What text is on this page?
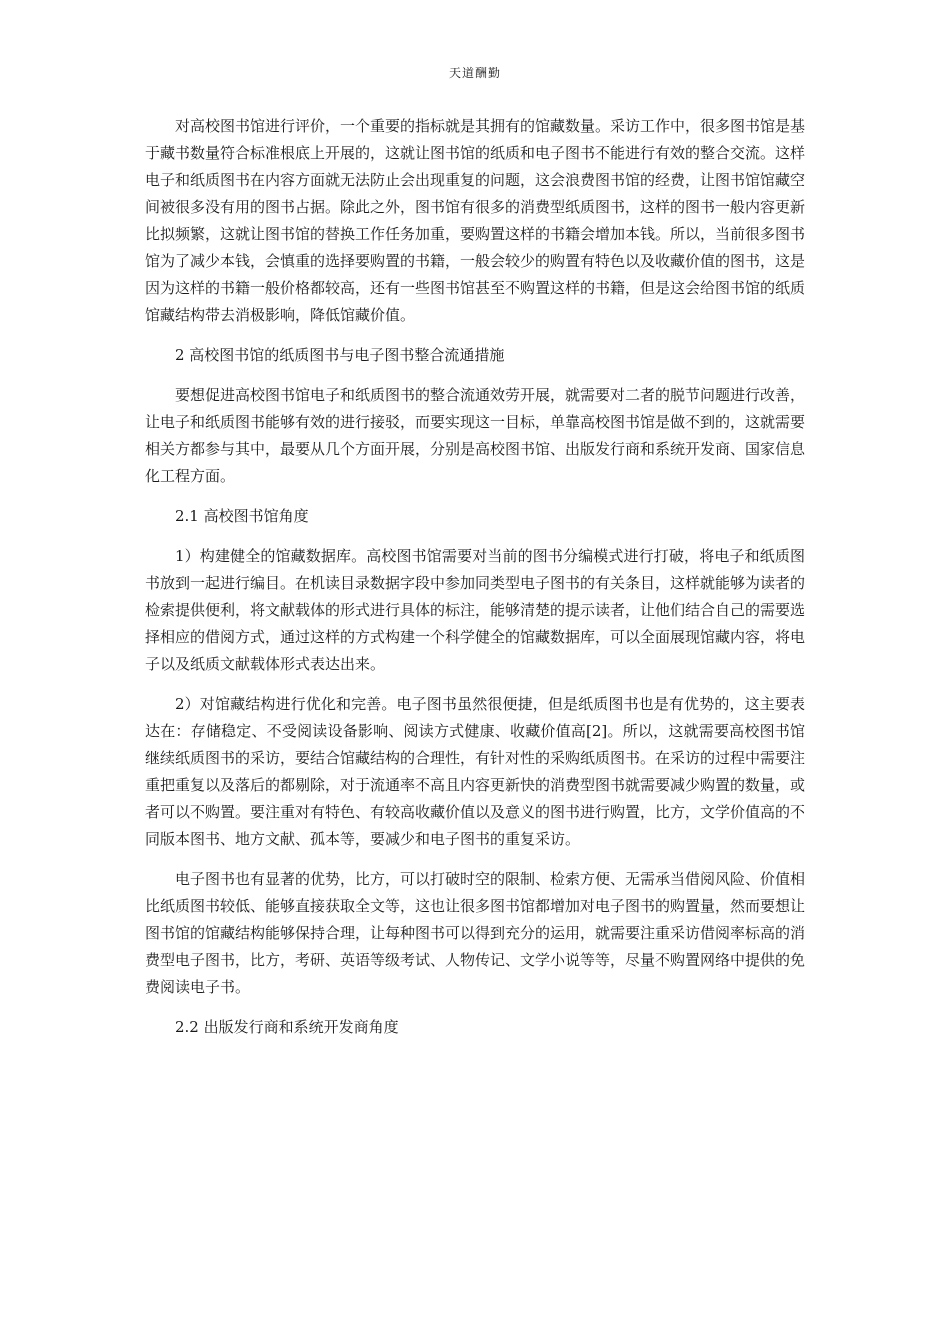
天道酬勤

对高校图书馆进行评价，一个重要的指标就是其拥有的馆藏数量。采访工作中，很多图书馆是基于藏书数量符合标准根底上开展的，这就让图书馆的纸质和电子图书不能进行有效的整合交流。这样电子和纸质图书在内容方面就无法防止会出现重复的问题，这会浪费图书馆的经费，让图书馆馆藏空间被很多没有用的图书占据。除此之外，图书馆有很多的消费型纸质图书，这样的图书一般内容更新比拟频繁，这就让图书馆的替换工作任务加重，要购置这样的书籍会增加本钱。所以，当前很多图书馆为了减少本钱，会慎重的选择要购置的书籍，一般会较少的购置有特色以及收藏价值的图书，这是因为这样的书籍一般价格都较高，还有一些图书馆甚至不购置这样的书籍，但是这会给图书馆的纸质馆藏结构带去消极影响，降低馆藏价值。

2 高校图书馆的纸质图书与电子图书整合流通措施

要想促进高校图书馆电子和纸质图书的整合流通效劳开展，就需要对二者的脱节问题进行改善，让电子和纸质图书能够有效的进行接驳，而要实现这一目标，单靠高校图书馆是做不到的，这就需要相关方都参与其中，最要从几个方面开展，分别是高校图书馆、出版发行商和系统开发商、国家信息化工程方面。

2.1 高校图书馆角度

1）构建健全的馆藏数据库。高校图书馆需要对当前的图书分编模式进行打破，将电子和纸质图书放到一起进行编目。在机读目录数据字段中参加同类型电子图书的有关条目，这样就能够为读者的检索提供便利，将文献载体的形式进行具体的标注，能够清楚的提示读者，让他们结合自己的需要选择相应的借阅方式，通过这样的方式构建一个科学健全的馆藏数据库，可以全面展现馆藏内容，将电子以及纸质文献载体形式表达出来。

2）对馆藏结构进行优化和完善。电子图书虽然很便捷，但是纸质图书也是有优势的，这主要表达在：存储稳定、不受阅读设备影响、阅读方式健康、收藏价值高[2]。所以，这就需要高校图书馆继续纸质图书的采访，要结合馆藏结构的合理性，有针对性的采购纸质图书。在采访的过程中需要注重把重复以及落后的都剔除，对于流通率不高且内容更新快的消费型图书就需要减少购置的数量，或者可以不购置。要注重对有特色、有较高收藏价值以及意义的图书进行购置，比方，文学价值高的不同版本图书、地方文献、孤本等，要减少和电子图书的重复采访。

电子图书也有显著的优势，比方，可以打破时空的限制、检索方便、无需承当借阅风险、价值相比纸质图书较低、能够直接获取全文等，这也让很多图书馆都增加对电子图书的购置量，然而要想让图书馆的馆藏结构能够保持合理，让每种图书可以得到充分的运用，就需要注重采访借阅率标高的消费型电子图书，比方，考研、英语等级考试、人物传记、文学小说等等，尽量不购置网络中提供的免费阅读电子书。

2.2 出版发行商和系统开发商角度
